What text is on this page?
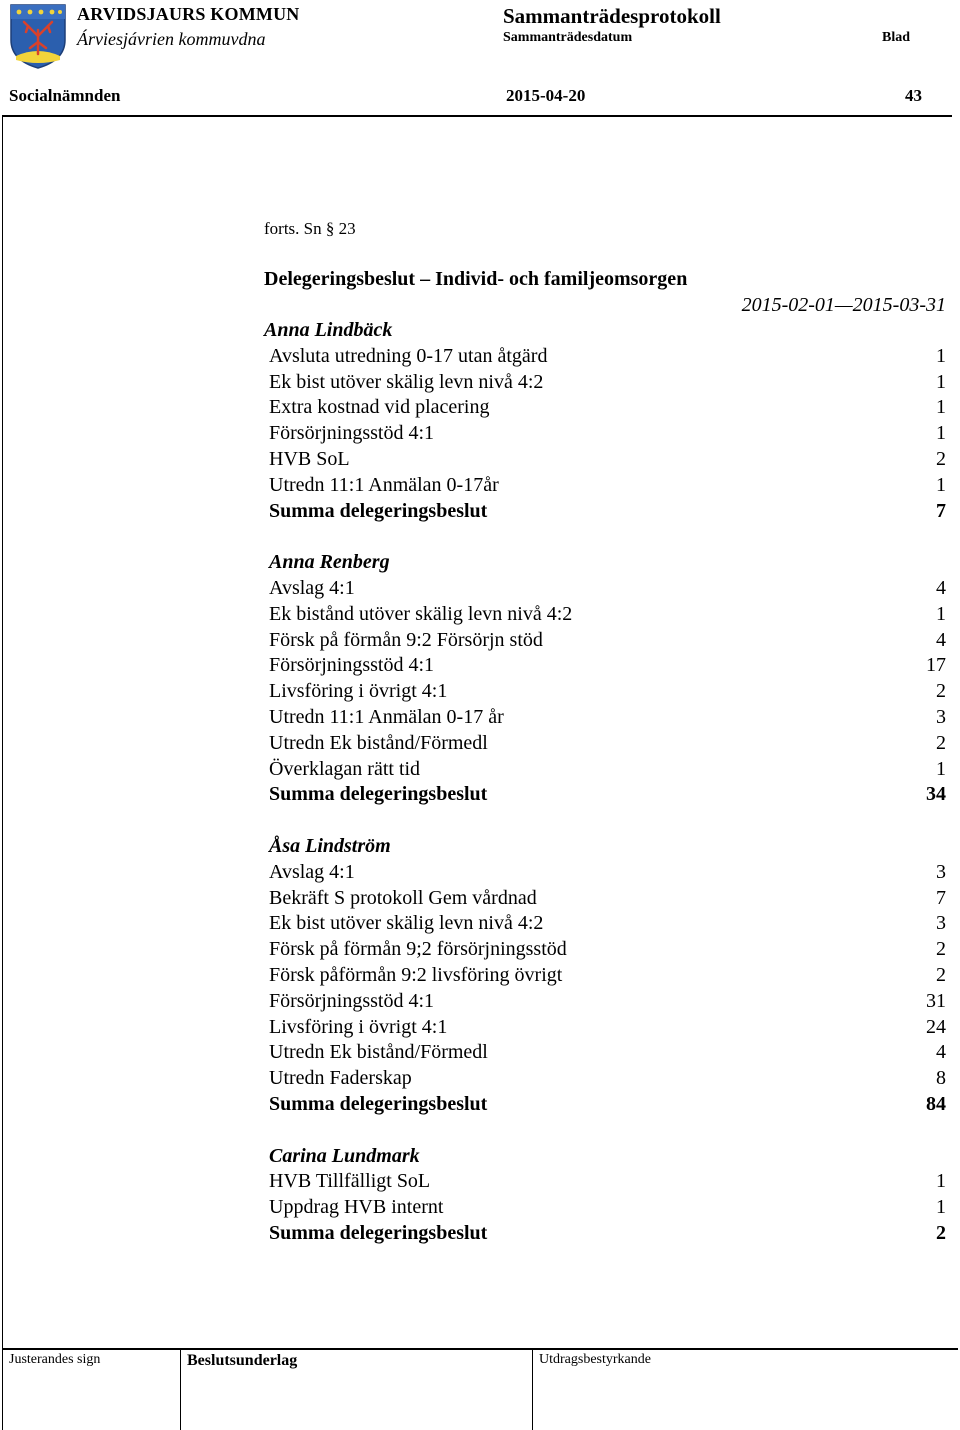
ARVIDSJAURS KOMMUN
Árviesjávrien kommuvdna
Sammanträdesprotokoll
Sammanträdesdatum	Blad
Socialnämnden	2015-04-20	43
forts. Sn § 23
Delegeringsbeslut – Individ- och familjeomsorgen
2015-02-01—2015-03-31
Anna Lindbäck
Avsluta utredning 0-17 utan åtgärd	1
Ek bist utöver skälig levn nivå 4:2	1
Extra kostnad vid placering	1
Försörjningsstöd 4:1	1
HVB SoL	2
Utredn 11:1 Anmälan 0-17år	1
Summa delegeringsbeslut	7
Anna Renberg
Avslag 4:1	4
Ek bistånd utöver skälig levn nivå 4:2	1
Försk på förmån 9:2 Försörjn stöd	4
Försörjningsstöd 4:1	17
Livsföring i övrigt 4:1	2
Utredn 11:1 Anmälan 0-17 år	3
Utredn Ek bistånd/Förmedl	2
Överklagan rätt tid	1
Summa delegeringsbeslut	34
Åsa Lindström
Avslag 4:1	3
Bekräft S protokoll Gem vårdnad	7
Ek bist utöver skälig levn nivå 4:2	3
Försk på förmån 9;2 försörjningsstöd	2
Försk påförmån 9:2 livsföring övrigt	2
Försörjningsstöd 4:1	31
Livsföring i övrigt 4:1	24
Utredn Ek bistånd/Förmedl	4
Utredn Faderskap	8
Summa delegeringsbeslut	84
Carina Lundmark
HVB Tillfälligt SoL	1
Uppdrag HVB internt	1
Summa delegeringsbeslut	2
Justerandes sign	Beslutsunderlag	Utdragsbestyrkande
